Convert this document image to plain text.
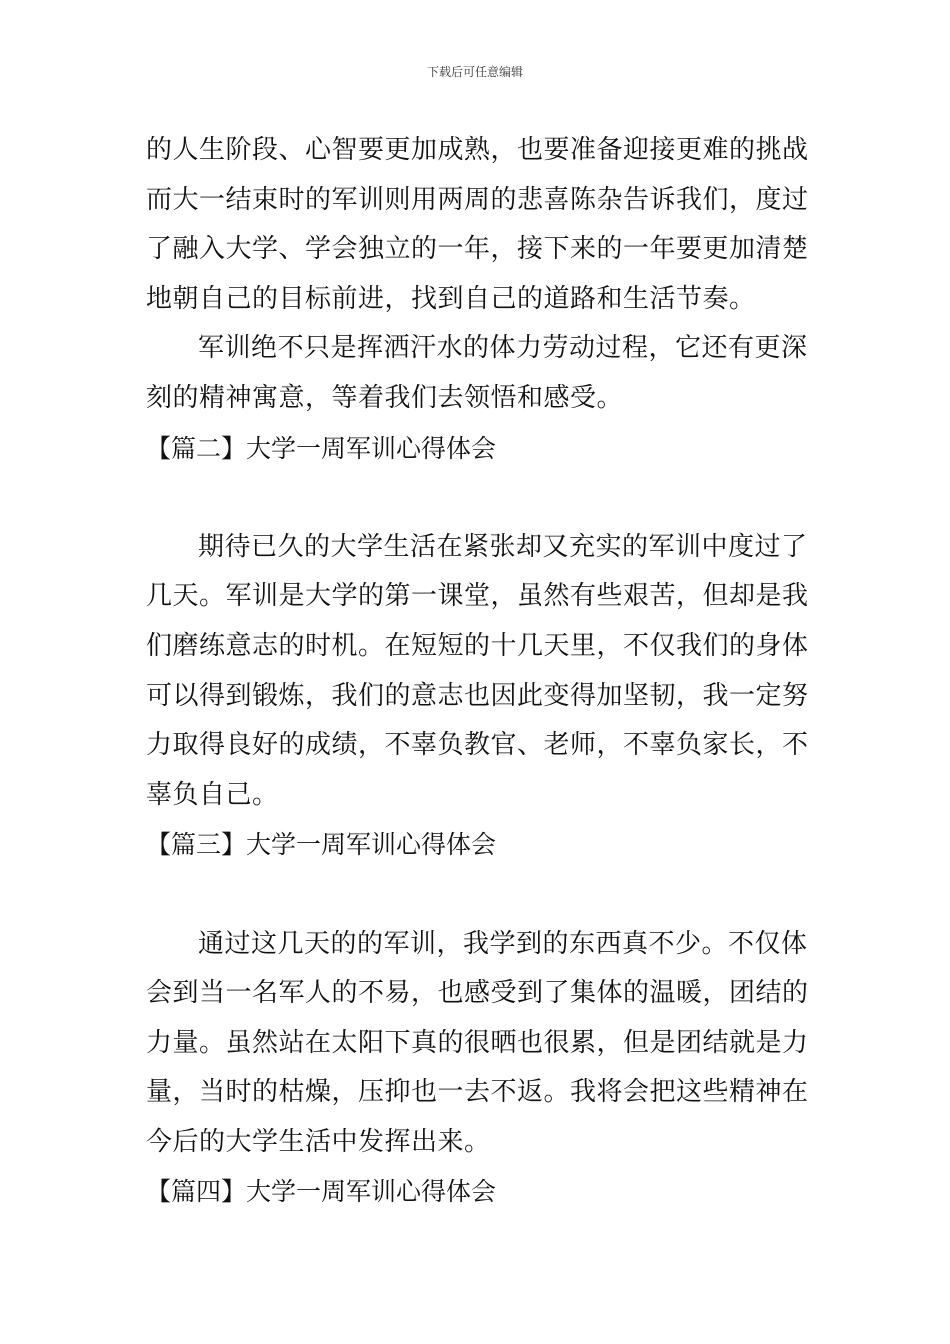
下载后可任意编辑
的人生阶段、心智要更加成熟，也要准备迎接更难的挑战
而大一结束时的军训则用两周的悲喜陈杂告诉我们，度过
了融入大学、学会独立的一年，接下来的一年要更加清楚
地朝自己的目标前进，找到自己的道路和生活节奏。
军训绝不只是挥洒汗水的体力劳动过程，它还有更深
刻的精神寓意，等着我们去领悟和感受。
【篇二】大学一周军训心得体会
期待已久的大学生活在紧张却又充实的军训中度过了
几天。军训是大学的第一课堂，虽然有些艰苦，但却是我
们磨练意志的时机。在短短的十几天里，不仅我们的身体
可以得到锻炼，我们的意志也因此变得加坚韧，我一定努
力取得良好的成绩，不辜负教官、老师，不辜负家长，不
辜负自己。
【篇三】大学一周军训心得体会
通过这几天的的军训，我学到的东西真不少。不仅体
会到当一名军人的不易，也感受到了集体的温暖，团结的
力量。虽然站在太阳下真的很晒也很累，但是团结就是力
量，当时的枯燥，压抑也一去不返。我将会把这些精神在
今后的大学生活中发挥出来。
【篇四】大学一周军训心得体会
